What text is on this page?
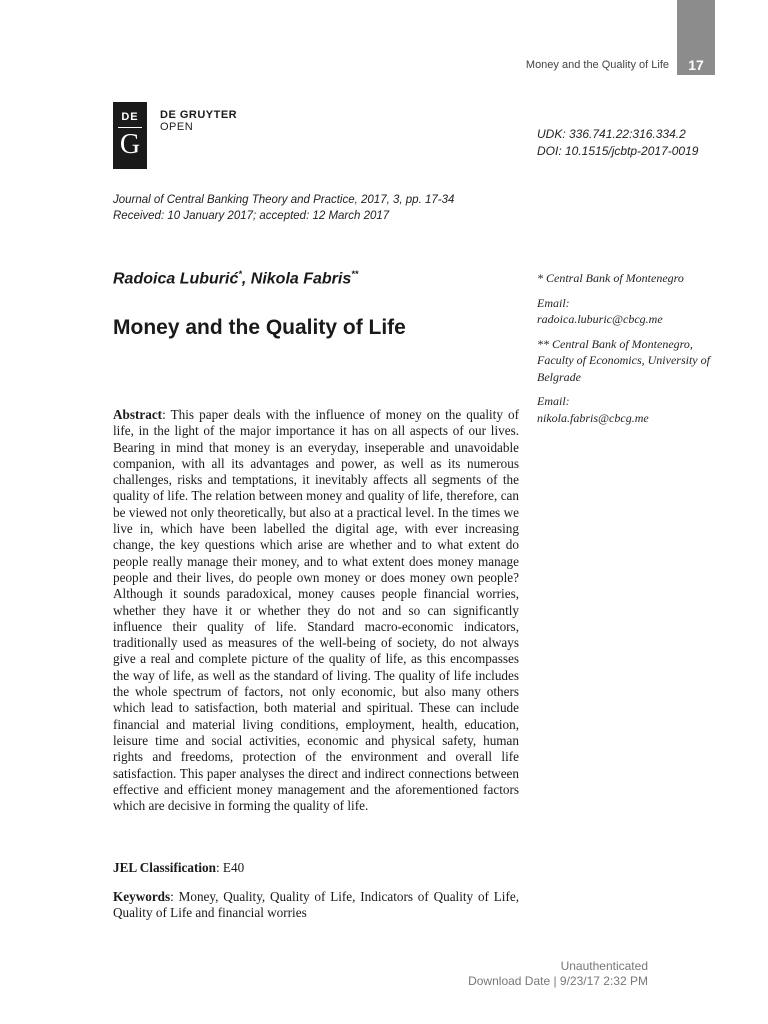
Money and the Quality of Life 17
DE
G
DE GRUYTER
OPEN	UDK: 336.741.22:316.334.2
DOI: 10.1515/jcbtp-2017-0019
Journal of Central Banking Theory and Practice, 2017, 3, pp. 17-34
Received: 10 January 2017; accepted: 12 March 2017
Radoica Luburić*, Nikola Fabris**
Money and the Quality of Life

* Central Bank of Montenegro

Email:
radoica.luburic@cbcg.me

** Central Bank of Montenegro, Faculty of Economics, University of Belgrade

Email:
nikola.fabris@cbcg.me

Abstract: This paper deals with the influence of money on the quality of life, in the light of the major importance it has on all aspects of our lives. Bearing in mind that money is an everyday, inseperable and unavoidable companion, with all its advantages and power, as well as its numerous challenges, risks and temptations, it inevitably affects all segments of the quality of life. The relation between money and quality of life, therefore, can be viewed not only theoretically, but also at a practical level. In the times we live in, which have been labelled the digital age, with ever increasing change, the key questions which arise are whether and to what extent do people really manage their money, and to what extent does money manage people and their lives, do people own money or does money own people? Although it sounds paradoxical, money causes people financial worries, whether they have it or whether they do not and so can significantly influence their quality of life. Standard macro-economic indicators, traditionally used as measures of the well-being of society, do not always give a real and complete picture of the quality of life, as this encompasses the way of life, as well as the standard of living. The quality of life includes the whole spectrum of factors, not only economic, but also many others which lead to satisfaction, both material and spiritual. These can include financial and material living conditions, employment, health, education, leisure time and social activities, economic and physical safety, human rights and freedoms, protection of the environment and overall life satisfaction. This paper analyses the direct and indirect connections between effective and efficient money management and the aforementioned factors which are decisive in forming the quality of life.
JEL Classification: E40
Keywords: Money, Quality, Quality of Life, Indicators of Quality of Life, Quality of Life and financial worries
Unauthenticated
Download Date | 9/23/17 2:32 PM
